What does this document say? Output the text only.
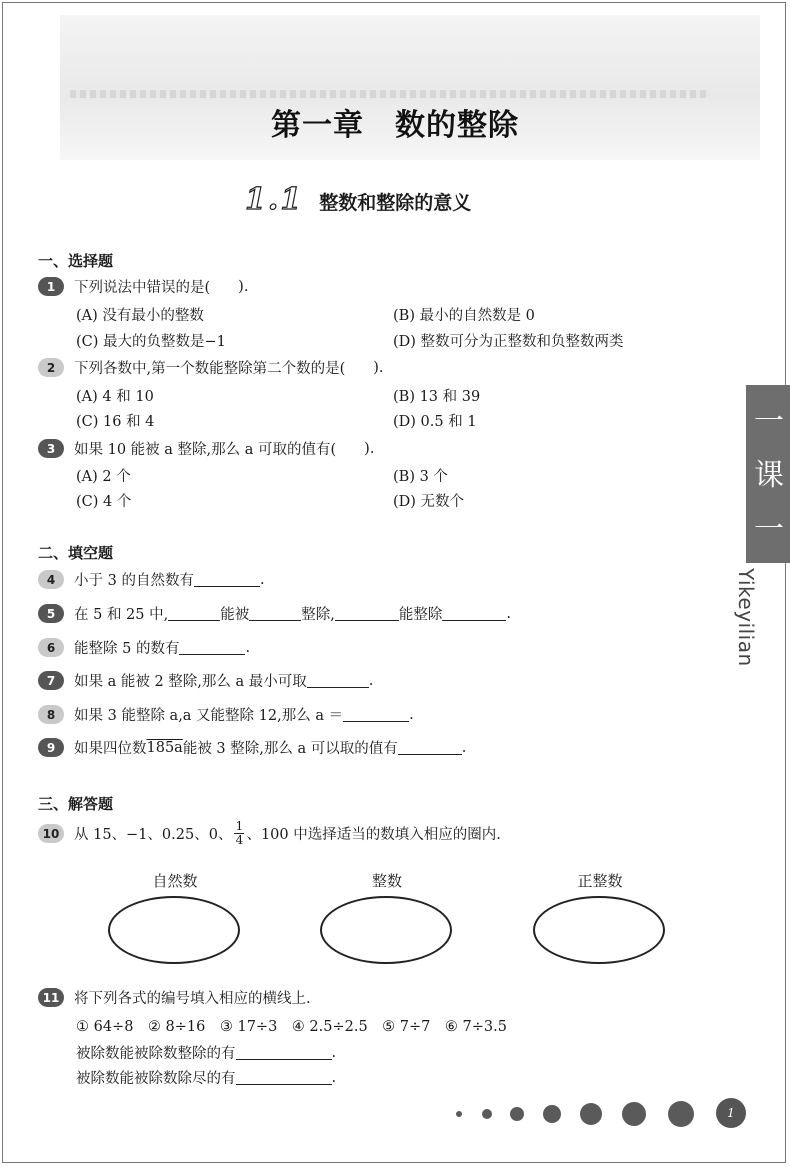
第一章　数的整除
1.1 整数和整除的意义
一、选择题
1	下列说法中错误的是( ).
(A) 没有最小的整数	(B) 最小的自然数是 0
(C) 最大的负整数是−1	(D) 整数可分为正整数和负整数两类
2	下列各数中,第一个数能整除第二个数的是( ).
(A) 4 和 10	(B) 13 和 39
(C) 16 和 4	(D) 0.5 和 1
3	如果 10 能被 a 整除,那么 a 可取的值有( ).
(A) 2 个	(B) 3 个
(C) 4 个	(D) 无数个
二、填空题
4	小于 3 的自然数有	.
5	在 5 和 25 中,	能被	整除,	能整除	.
6	能整除 5 的数有	.
7	如果 a 能被 2 整除,那么 a 最小可取	.
8	如果 3 能整除 a,a 又能整除 12,那么 a ＝	.
9	如果四位数 185a 能被 3 整除,那么 a 可以取的值有	.
三、解答题
10	从 15、−1、0.25、0、 $\frac{1}{4}$ 、100 中选择适当的数填入相应的圈内.
自然数	整数	正整数
11	将下列各式的编号填入相应的横线上.
① 64÷8　② 8÷16　③ 17÷3　④ 2.5÷2.5　⑤ 7÷7　⑥ 7÷3.5
被除数能被除数整除的有	.
被除数能被除数除尽的有	.
一课一练
Yikeyilian
1
